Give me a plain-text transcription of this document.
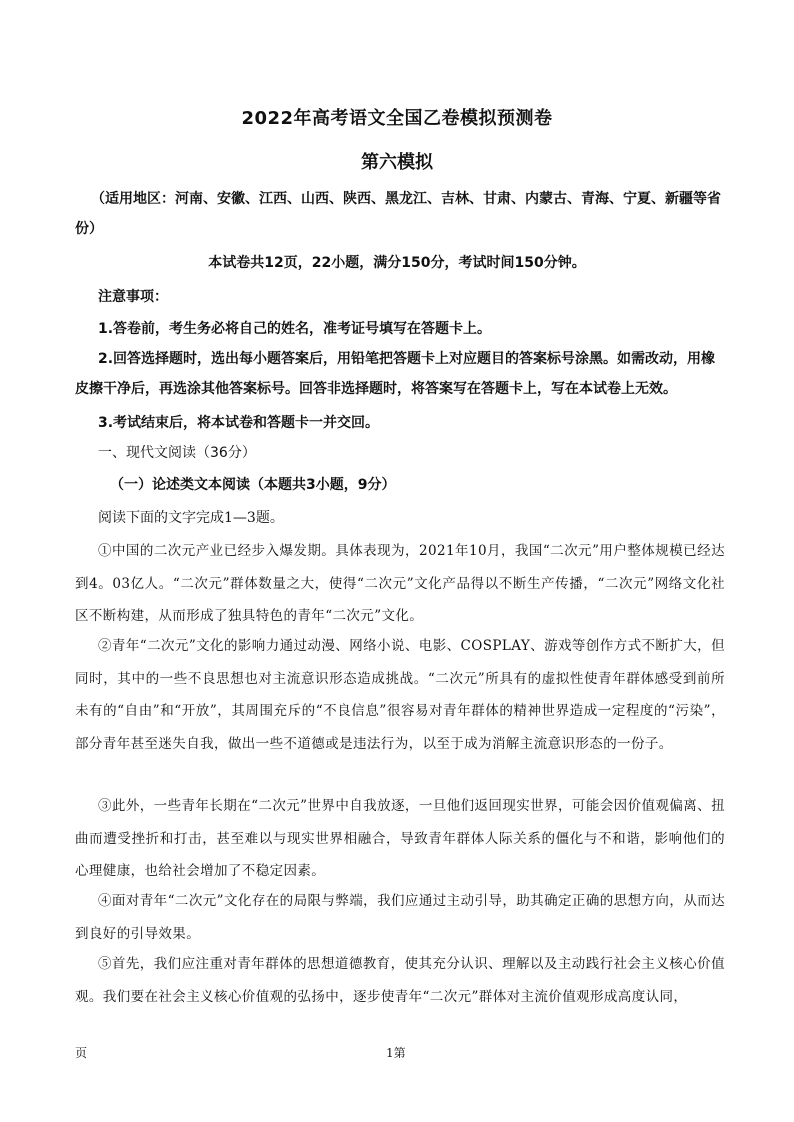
2022年高考语文全国乙卷模拟预测卷
第六模拟
（适用地区：河南、安徽、江西、山西、陕西、黑龙江、吉林、甘肃、内蒙古、青海、宁夏、新疆等省份）
本试卷共12页，22小题，满分150分，考试时间150分钟。
注意事项：
1.答卷前，考生务必将自己的姓名，准考证号填写在答题卡上。
2.回答选择题时，选出每小题答案后，用铅笔把答题卡上对应题目的答案标号涂黑。如需改动，用橡皮擦干净后，再选涂其他答案标号。回答非选择题时，将答案写在答题卡上，写在本试卷上无效。
3.考试结束后，将本试卷和答题卡一并交回。
一、现代文阅读（36分）
（一）论述类文本阅读（本题共3小题，9分）
阅读下面的文字完成1—3题。
①中国的二次元产业已经步入爆发期。具体表现为，2021年10月，我国“二次元”用户整体规模已经达到4。03亿人。“二次元”群体数量之大，使得“二次元”文化产品得以不断生产传播，“二次元”网络文化社区不断构建，从而形成了独具特色的青年“二次元”文化。
②青年“二次元”文化的影响力通过动漫、网络小说、电影、COSPLAY、游戏等创作方式不断扩大，但同时，其中的一些不良思想也对主流意识形态造成挑战。“二次元”所具有的虚拟性使青年群体感受到前所未有的“自由”和“开放”，其周围充斥的“不良信息”很容易对青年群体的精神世界造成一定程度的“污染”，部分青年甚至迷失自我，做出一些不道德或是违法行为，以至于成为消解主流意识形态的一份子。
③此外，一些青年长期在“二次元”世界中自我放逐，一旦他们返回现实世界，可能会因价值观偏离、扭曲而遭受挫折和打击，甚至难以与现实世界相融合，导致青年群体人际关系的僵化与不和谐，影响他们的心理健康，也给社会增加了不稳定因素。
④面对青年“二次元”文化存在的局限与弊端，我们应通过主动引导，助其确定正确的思想方向，从而达到良好的引导效果。
⑤首先，我们应注重对青年群体的思想道德教育，使其充分认识、理解以及主动践行社会主义核心价值观。我们要在社会主义核心价值观的弘扬中，逐步使青年“二次元”群体对主流价值观形成高度认同，
页	1第
